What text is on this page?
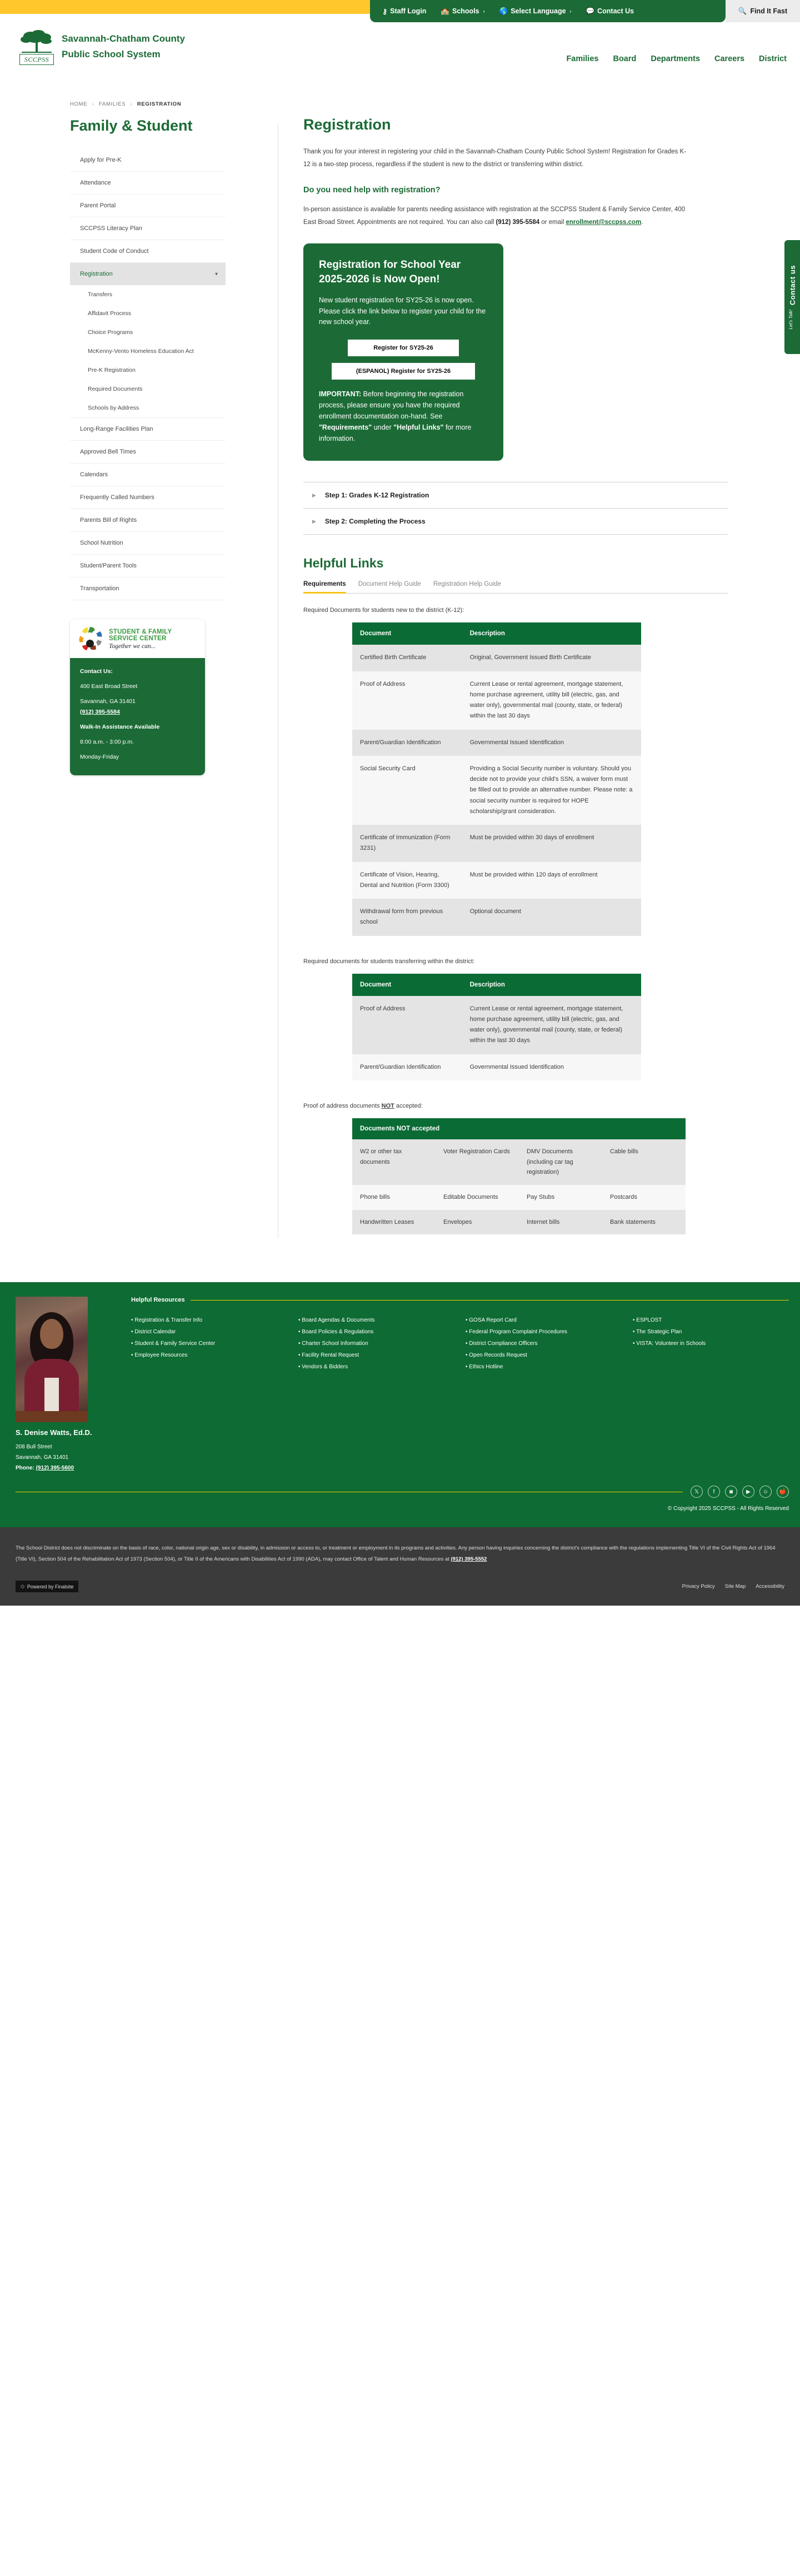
⚷ Staff Login 🏫 Schools › 🌎 Select Language › 💬 Contact Us	🔍 Find It Fast
SCCPSS
Savannah-Chatham County
Public School System	Families Board Departments Careers District
HOME › FAMILIES › REGISTRATION
Family & Student
Apply for Pre-K
Attendance
Parent Portal
SCCPSS Literacy Plan
Student Code of Conduct
Registration	▾
Transfers
Affidavit Process
Choice Programs
McKenny-Vento Homeless Education Act
Pre-K Registration
Required Documents
Schools by Address
Long-Range Facilities Plan
Approved Bell Times
Calendars
Frequently Called Numbers
Parents Bill of Rights
School Nutrition
Student/Parent Tools
Transportation
STUDENT & FAMILY
SERVICE CENTER
Together we can...

Contact Us:

400 East Broad Street

Savannah, GA 31401

(912) 395-5584

Walk-In Assistance Available

8:00 a.m. - 3:00 p.m.

Monday-Friday

Registration

Thank you for your interest in registering your child in the Savannah-Chatham County Public School System! Registration for Grades K-12 is a two-step process, regardless if the student is new to the district or transferring within district.

Do you need help with registration?

In-person assistance is available for parents needing assistance with registration at the SCCPSS Student & Family Service Center, 400 East Broad Street. Appointments are not required. You can also call (912) 395-5584 or email enrollment@sccpss.com.

Registration for School Year 2025-2026 is Now Open!

New student registration for SY25-26 is now open. Please click the link below to register your child for the new school year.

Register for SY25-26
(ESPANOL) Register for SY25-26
IMPORTANT: Before beginning the registration process, please ensure you have the required enrollment documentation on-hand. See "Requirements" under "Helpful Links" for more information.
▶ Step 1: Grades K-12 Registration
▶ Step 2: Completing the Process
Helpful Links
Requirements Document Help Guide Registration Help Guide

Required Documents for students new to the district (K-12):

Document	Description
Certified Birth Certificate	Original, Government Issued Birth Certificate
Proof of Address	Current Lease or rental agreement, mortgage statement, home purchase agreement, utility bill (electric, gas, and water only), governmental mail (county, state, or federal) within the last 30 days
Parent/Guardian Identification	Governmental Issued Identification
Social Security Card	Providing a Social Security number is voluntary. Should you decide not to provide your child's SSN, a waiver form must be filled out to provide an alternative number. Please note: a social security number is required for HOPE scholarship/grant consideration.
Certificate of Immunization (Form 3231)	Must be provided within 30 days of enrollment
Certificate of Vision, Hearing, Dental and Nutrition (Form 3300)	Must be provided within 120 days of enrollment
Withdrawal form from previous school	Optional document

Required documents for students transferring within the district:

Document	Description
Proof of Address	Current Lease or rental agreement, mortgage statement, home purchase agreement, utility bill (electric, gas, and water only), governmental mail (county, state, or federal) within the last 30 days
Parent/Guardian Identification	Governmental Issued Identification

Proof of address documents NOT accepted:

Documents NOT accepted			
W2 or other tax documents	Voter Registration Cards	DMV Documents (including car tag registration)	Cable bills
Phone bills	Editable Documents	Pay Stubs	Postcards
Handwritten Leases	Envelopes	Internet bills	Bank statements
Contact us
Let's Talk!
S. Denise Watts, Ed.D.
208 Bull Street
Savannah, GA 31401
Phone: (912) 395-5600
Helpful Resources
• Registration & Transfer Info
• District Calendar
• Student & Family Service Center
• Employee Resources
• Board Agendas & Documents
• Board Policies & Regulations
• Charter School Information
• Facility Rental Request
• Vendors & Bidders
• GOSA Report Card
• Federal Program Complaint Procedures
• District Compliance Officers
• Open Records Request
• Ethics Hotline
• ESPLOST
• The Strategic Plan
• VISTA: Volunteer in Schools
𝕏	f	◙	▶	☺	🍎
© Copyright 2025 SCCPSS - All Rights Reserved

The School District does not discriminate on the basis of race, color, national origin age, sex or disability, in admission or access to, or treatment or employment in its programs and activities. Any person having inquiries concerning the district's compliance with the regulations implementing Title VI of the Civil Rights Act of 1964 (Title VI), Section 504 of the Rehabilitation Act of 1973 (Section 504), or Title II of the Americans with Disabilities Act of 1990 (ADA), may contact Office of Talent and Human Resources at (912) 395-5552

◇ Powered by Finalsite	Privacy Policy Site Map Accessibility
